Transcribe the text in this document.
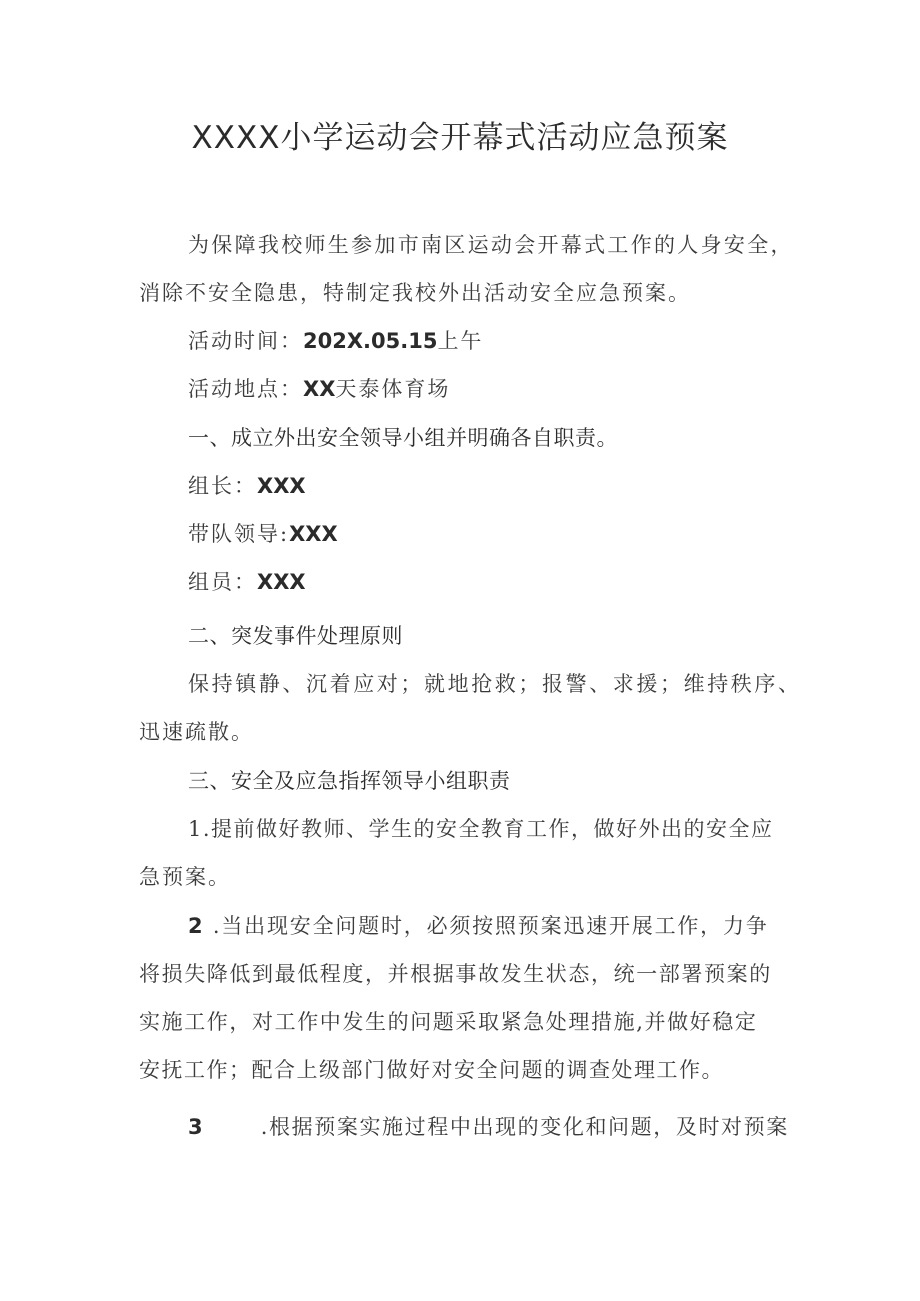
XXXX小学运动会开幕式活动应急预案
为保障我校师生参加市南区运动会开幕式工作的人身安全，
消除不安全隐患，特制定我校外出活动安全应急预案。
活动时间：202X.05.15上午
活动地点：XX天泰体育场
一、成立外出安全领导小组并明确各自职责。
组长：XXX
带队领导:XXX
组员：XXX
二、突发事件处理原则
保持镇静、沉着应对；就地抢救；报警、求援；维持秩序、
迅速疏散。
三、安全及应急指挥领导小组职责
1.提前做好教师、学生的安全教育工作，做好外出的安全应
急预案。
2 .当出现安全问题时，必须按照预案迅速开展工作，力争
将损失降低到最低程度，并根据事故发生状态，统一部署预案的
实施工作，对工作中发生的问题采取紧急处理措施,并做好稳定
安抚工作；配合上级部门做好对安全问题的调查处理工作。
3	.根据预案实施过程中出现的变化和问题，及时对预案
